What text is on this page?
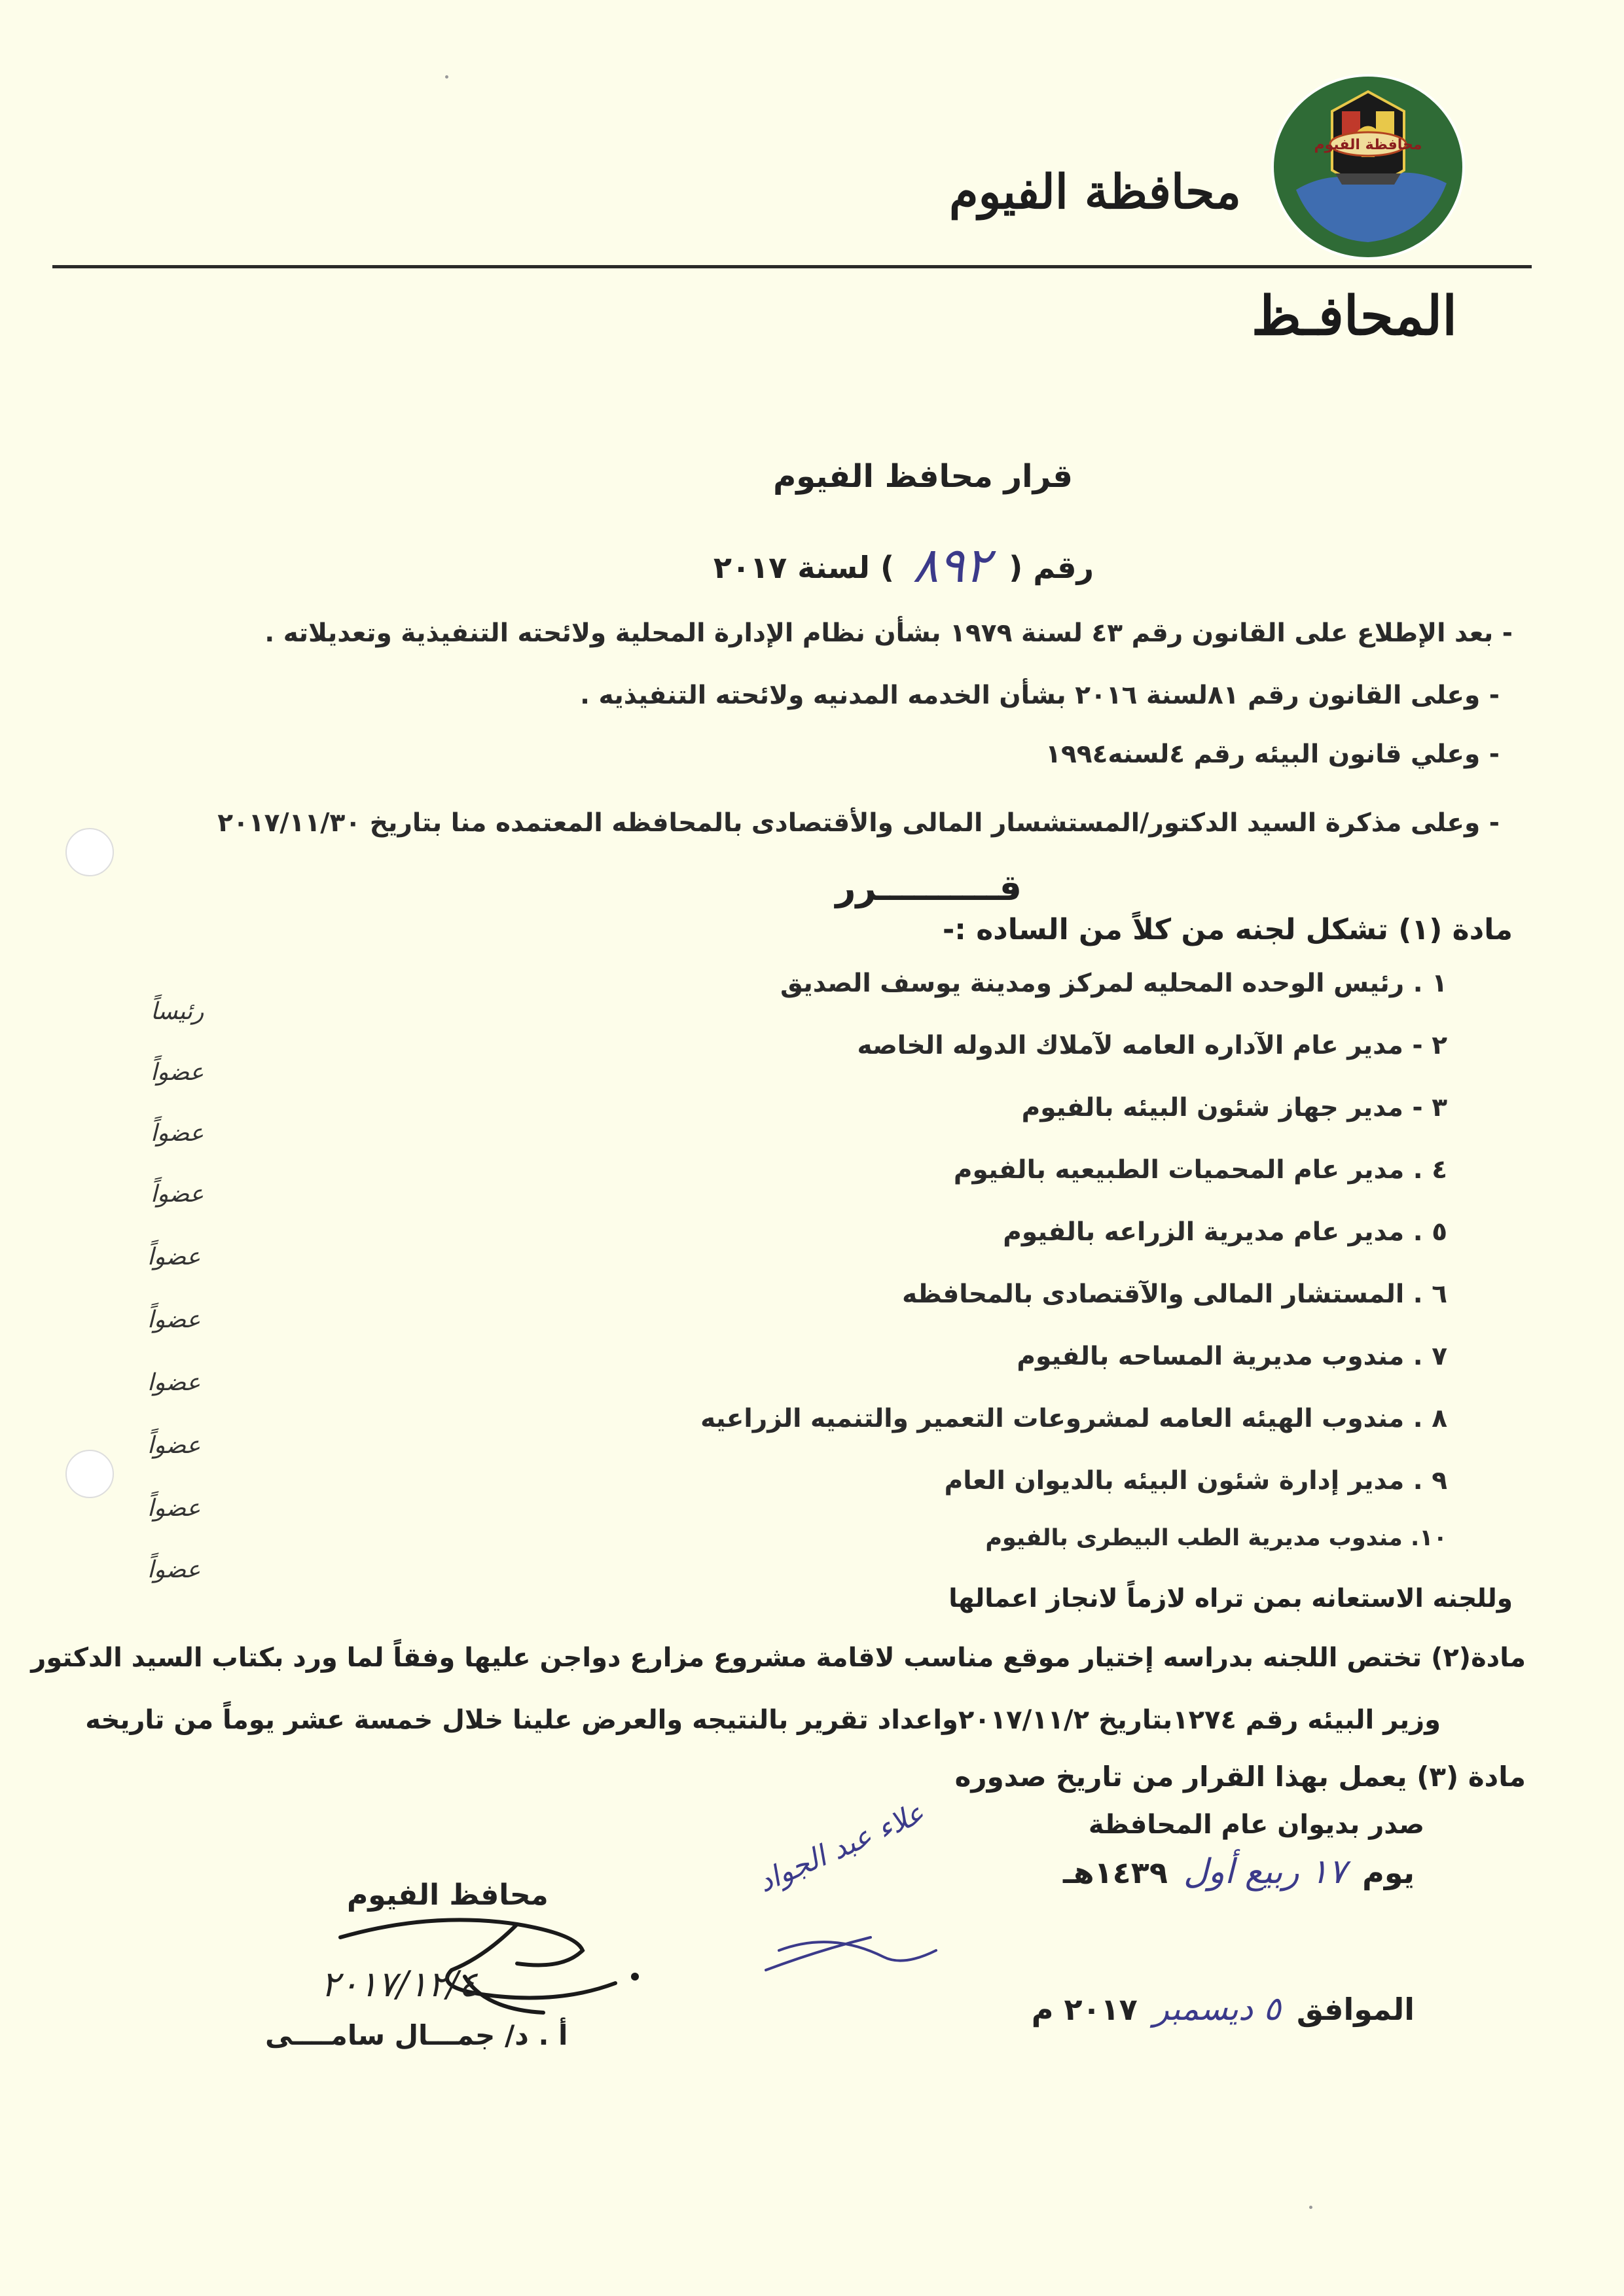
محافظة الفيوم
محافظة الفيوم
المحافـظ
قرار محافظ الفيوم
رقم ( ٨٩٢ ) لسنة ٢٠١٧
- بعد الإطلاع على القانون رقم ٤٣ لسنة ١٩٧٩ بشأن نظام الإدارة المحلية ولائحته التنفيذية وتعديلاته .
- وعلى القانون رقم ٨١لسنة ٢٠١٦ بشأن الخدمه المدنيه ولائحته التنفيذيه .
- وعلي قانون البيئه رقم ٤لسنه١٩٩٤
- وعلى مذكرة السيد الدكتور/المستشسار المالى والأقتصادى بالمحافظه المعتمده منا بتاريخ ٢٠١٧/١١/٣٠
قــــــــــرر
مادة (١) تشكل لجنه من كلاً من الساده :-
١ . رئيس الوحده المحليه لمركز ومدينة يوسف الصديق
٢ - مدير عام الآداره العامه لآملاك الدوله الخاصه
٣ - مدير جهاز شئون البيئه بالفيوم
٤ . مدير عام المحميات الطبيعيه بالفيوم
٥ . مدير عام مديرية الزراعه بالفيوم
٦ . المستشار المالى والآقتصادى بالمحافظه
٧ . مندوب مديرية المساحه بالفيوم
٨ . مندوب الهيئه العامه لمشروعات التعمير والتنميه الزراعيه
٩ . مدير إدارة شئون البيئه بالديوان العام
١٠. مندوب مديرية الطب البيطرى بالفيوم
رئيساً
عضواً
عضواً
عضواً
عضواً
عضواً
عضوا
عضواً
عضواً
عضواً
وللجنه الاستعانه بمن تراه لازماً لانجاز اعمالها
مادة(٢) تختص اللجنه بدراسه إختيار موقع مناسب لاقامة مشروع مزارع دواجن عليها وفقاً لما ورد بكتاب السيد الدكتور
وزير البيئه رقم ١٢٧٤بتاريخ ٢٠١٧/١١/٢واعداد تقرير بالنتيجه والعرض علينا خلال خمسة عشر يوماً من تاريخه
مادة (٣) يعمل بهذا القرار من تاريخ صدوره
صدر بديوان عام المحافظة
يوم ١٧ ربيع أول ١٤٣٩هـ
الموافق ٥ ديسمبر ٢٠١٧ م
محافظ الفيوم
٢٠١٧/١٢/٤
أ . د/ جمـــال سامــــى
علاء عبد الجواد
